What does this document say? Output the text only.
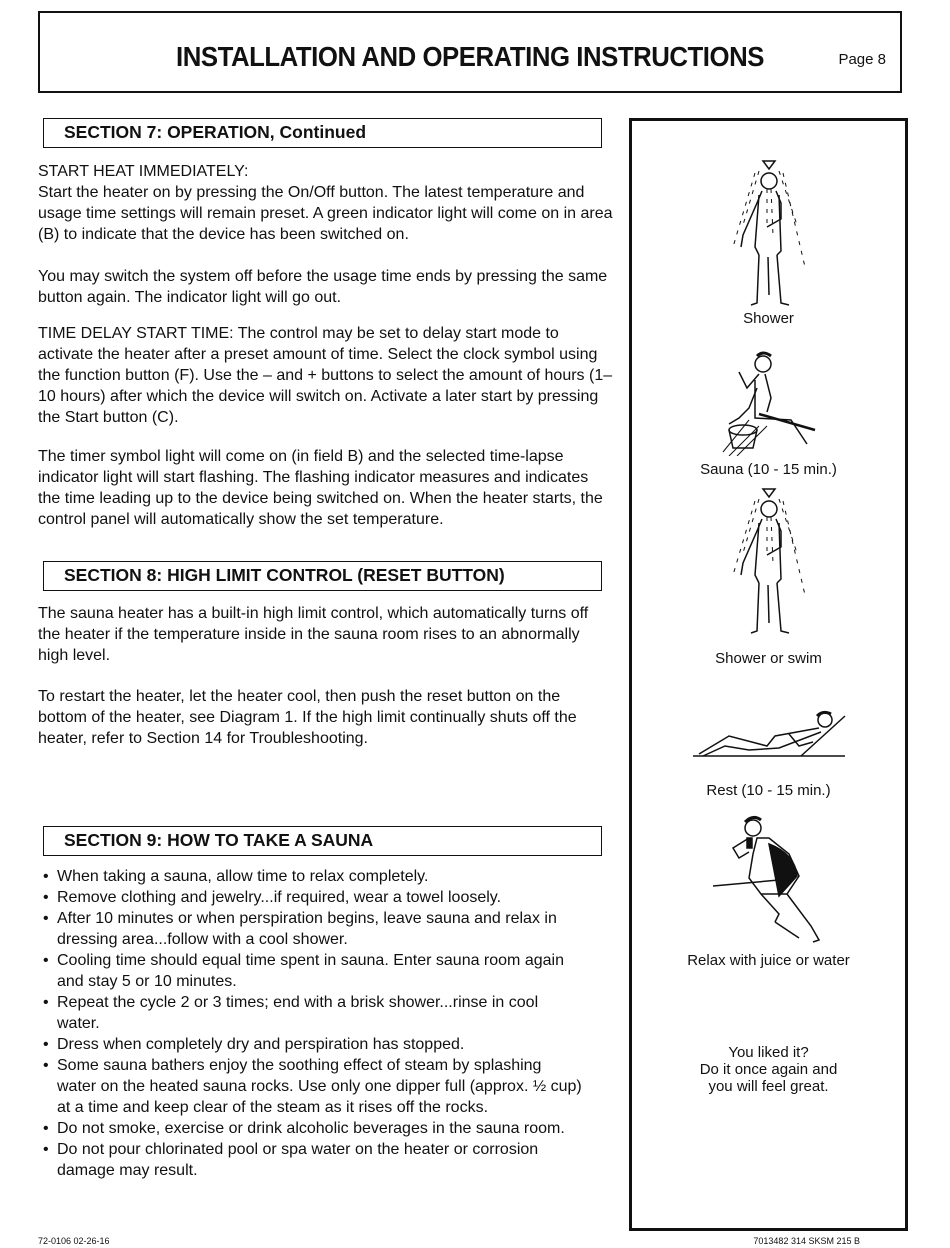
INSTALLATION AND OPERATING INSTRUCTIONS	Page 8
SECTION 7: OPERATION, Continued

START HEAT IMMEDIATELY:

Start the heater on by pressing the On/Off button. The latest temperature and usage time settings will remain preset. A green indicator light will come on in area (B) to indicate that the device has been switched on.

You may switch the system off before the usage time ends by pressing the same button again. The indicator light will go out.
TIME DELAY START TIME: The control may be set to delay start mode to activate the heater after a preset amount of time. Select the clock symbol using the function button (F). Use the – and + buttons to select the amount of hours (1–10 hours) after which the device will switch on. Activate a later start by pressing the Start button (C).
The timer symbol light will come on (in field B) and the selected time-lapse indicator light will start flashing. The flashing indicator measures and indicates the time leading up to the device being switched on. When the heater starts, the control panel will automatically show the set temperature.
SECTION 8: HIGH LIMIT CONTROL (RESET BUTTON)
The sauna heater has a built-in high limit control, which automatically turns off the heater if the temperature inside in the sauna room rises to an abnormally high level.
To restart the heater, let the heater cool, then push the reset button on the bottom of the heater, see Diagram 1. If the high limit continually shuts off the heater, refer to Section 14 for Troubleshooting.
SECTION 9: HOW TO TAKE A SAUNA
• When taking a sauna, allow time to relax completely.
• Remove clothing and jewelry...if required, wear a towel loosely.
• After 10 minutes or when perspiration begins, leave sauna and relax in dressing area...follow with a cool shower.
• Cooling time should equal time spent in sauna. Enter sauna room again and stay 5 or 10 minutes.
• Repeat the cycle 2 or 3 times; end with a brisk shower...rinse in cool water.
• Dress when completely dry and perspiration has stopped.
• Some sauna bathers enjoy the soothing effect of steam by splashing water on the heated sauna rocks. Use only one dipper full (approx. ½ cup) at a time and keep clear of the steam as it rises off the rocks.
• Do not smoke, exercise or drink alcoholic beverages in the sauna room.
• Do not pour chlorinated pool or spa water on the heater or corrosion damage may result.
Shower
Sauna (10 - 15 min.)
Shower or swim
Rest (10 - 15 min.)
Relax with juice or water
You liked it?
Do it once again and
you will feel great.
72-0106 02-26-16	7013482 314 SKSM 215 B
